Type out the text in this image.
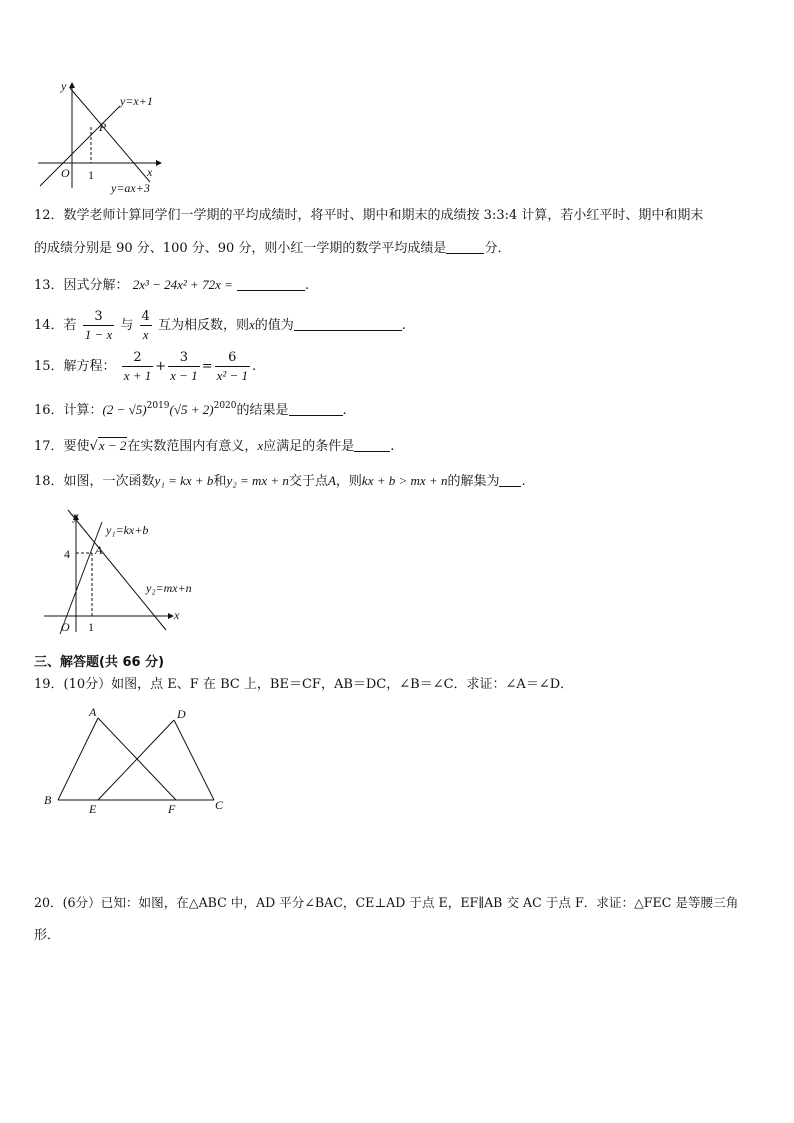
y
x
O
y=x+1
P
1
y=ax+3
12．数学老师计算同学们一学期的平均成绩时，将平时、期中和期末的成绩按 3:3:4 计算，若小红平时、期中和期末
的成绩分别是 90 分、100 分、90 分，则小红一学期的数学平均成绩是	分．
13．因式分解： 2x³ − 24x² + 72x =	.
14．若 $\frac{3}{1 - x}$ 与 $\frac{4}{x}$ 互为相反数，则x的值为	.
15．解方程： $\frac{2}{x + 1} + \frac{3}{x - 1} = \frac{6}{\text{x² − 1}}$ .
16．计算：$(2 - √5)^{2019}(√5 + 2)^{2020}$的结果是	.
17．要使√x − 2在实数范围内有意义，x应满足的条件是	.
18．如图，一次函数y₁ = kx + b和y₂ = mx + n交于点A，则kx + b > mx + n的解集为 .
y
x
O
4
1
A
y₁=kx+b
y₂=mx+n
三、解答题(共 66 分)
19．(10分）如图，点 E、F 在 BC 上，BE＝CF，AB＝DC，∠B＝∠C．求证：∠A＝∠D．
A	D
B
E	F	C
20．(6分）已知：如图，在△ABC 中，AD 平分∠BAC，CE⊥AD 于点 E，EF∥AB 交 AC 于点 F．求证：△FEC 是等腰三角
形．
